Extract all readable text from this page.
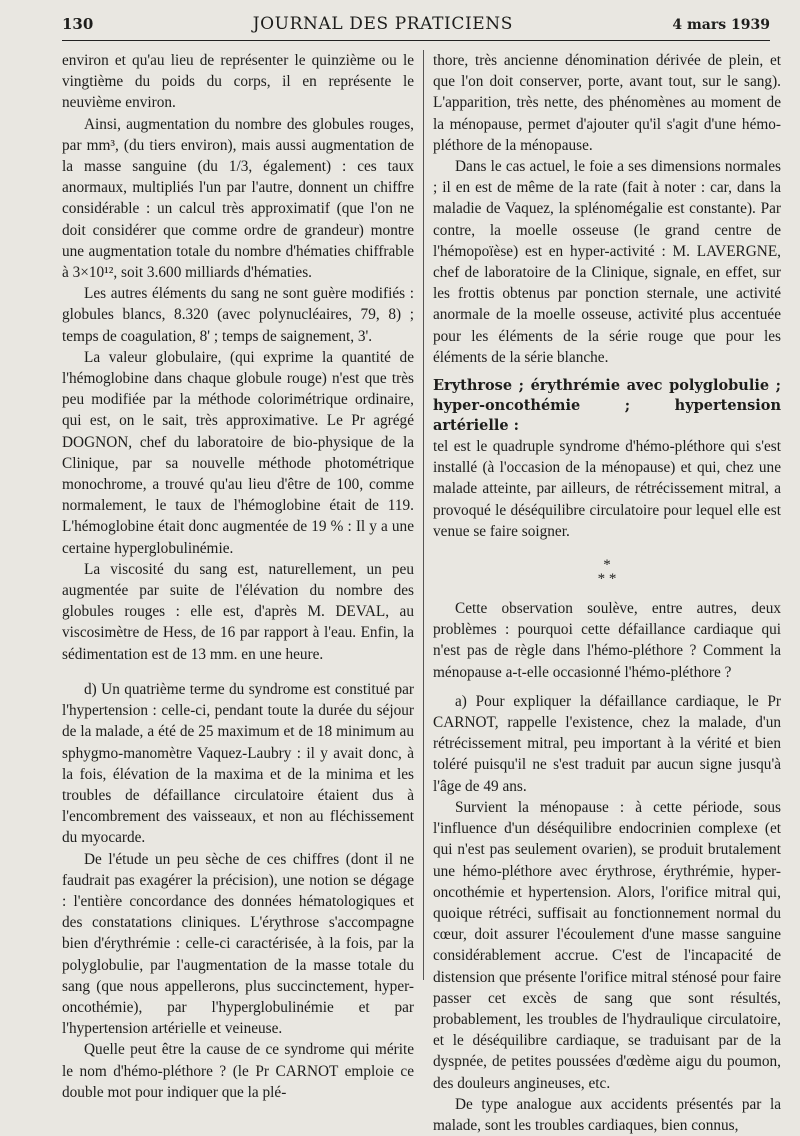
130	JOURNAL DES PRATICIENS	4 mars 1939

environ et qu'au lieu de représenter le quinzième ou le vingtième du poids du corps, il en représente le neuvième environ.

Ainsi, augmentation du nombre des globules rouges, par mm³, (du tiers environ), mais aussi augmentation de la masse sanguine (du 1/3, également) : ces taux anormaux, multipliés l'un par l'autre, donnent un chiffre considérable : un calcul très approximatif (que l'on ne doit considérer que comme ordre de grandeur) montre une augmentation totale du nombre d'hématies chiffrable à 3×10¹², soit 3.600 milliards d'hématies.

Les autres éléments du sang ne sont guère modifiés : globules blancs, 8.320 (avec polynucléaires, 79, 8) ; temps de coagulation, 8' ; temps de saignement, 3'.

La valeur globulaire, (qui exprime la quantité de l'hémoglobine dans chaque globule rouge) n'est que très peu modifiée par la méthode colorimétrique ordinaire, qui est, on le sait, très approximative. Le Pr agrégé DOGNON, chef du laboratoire de bio-physique de la Clinique, par sa nouvelle méthode photométrique monochrome, a trouvé qu'au lieu d'être de 100, comme normalement, le taux de l'hémoglobine était de 119. L'hémoglobine était donc augmentée de 19 % : Il y a une certaine hyperglobulinémie.

La viscosité du sang est, naturellement, un peu augmentée par suite de l'élévation du nombre des globules rouges : elle est, d'après M. DEVAL, au viscosimètre de Hess, de 16 par rapport à l'eau. Enfin, la sédimentation est de 13 mm. en une heure.

d) Un quatrième terme du syndrome est constitué par l'hypertension : celle-ci, pendant toute la durée du séjour de la malade, a été de 25 maximum et de 18 minimum au sphygmo-manomètre Vaquez-Laubry : il y avait donc, à la fois, élévation de la maxima et de la minima et les troubles de défaillance circulatoire étaient dus à l'encombrement des vaisseaux, et non au fléchissement du myocarde.

De l'étude un peu sèche de ces chiffres (dont il ne faudrait pas exagérer la précision), une notion se dégage : l'entière concordance des données hématologiques et des constatations cliniques. L'érythrose s'accompagne bien d'érythrémie : celle-ci caractérisée, à la fois, par la polyglobulie, par l'augmentation de la masse totale du sang (que nous appellerons, plus succinctement, hyper-oncothémie), par l'hyperglobulinémie et par l'hypertension artérielle et veineuse.

Quelle peut être la cause de ce syndrome qui mérite le nom d'hémo-pléthore ? (le Pr CARNOT emploie ce double mot pour indiquer que la plé-

thore, très ancienne dénomination dérivée de plein, et que l'on doit conserver, porte, avant tout, sur le sang). L'apparition, très nette, des phénomènes au moment de la ménopause, permet d'ajouter qu'il s'agit d'une hémo-pléthore de la ménopause.

Dans le cas actuel, le foie a ses dimensions normales ; il en est de même de la rate (fait à noter : car, dans la maladie de Vaquez, la splénomégalie est constante). Par contre, la moelle osseuse (le grand centre de l'hémopoïèse) est en hyper-activité : M. LAVERGNE, chef de laboratoire de la Clinique, signale, en effet, sur les frottis obtenus par ponction sternale, une activité anormale de la moelle osseuse, activité plus accentuée pour les éléments de la série rouge que pour les éléments de la série blanche.

Erythrose ; érythrémie avec polyglobulie ; hyper-oncothémie ; hypertension artérielle :

tel est le quadruple syndrome d'hémo-pléthore qui s'est installé (à l'occasion de la ménopause) et qui, chez une malade atteinte, par ailleurs, de rétrécissement mitral, a provoqué le déséquilibre circulatoire pour lequel elle est venue se faire soigner.

*
* *

Cette observation soulève, entre autres, deux problèmes : pourquoi cette défaillance cardiaque qui n'est pas de règle dans l'hémo-pléthore ? Comment la ménopause a-t-elle occasionné l'hémo-pléthore ?

a) Pour expliquer la défaillance cardiaque, le Pr CARNOT, rappelle l'existence, chez la malade, d'un rétrécissement mitral, peu important à la vérité et bien toléré puisqu'il ne s'est traduit par aucun signe jusqu'à l'âge de 49 ans.

Survient la ménopause : à cette période, sous l'influence d'un déséquilibre endocrinien complexe (et qui n'est pas seulement ovarien), se produit brutalement une hémo-pléthore avec érythrose, érythrémie, hyper-oncothémie et hypertension. Alors, l'orifice mitral qui, quoique rétréci, suffisait au fonctionnement normal du cœur, doit assurer l'écoulement d'une masse sanguine considérablement accrue. C'est de l'incapacité de distension que présente l'orifice mitral sténosé pour faire passer cet excès de sang que sont résultés, probablement, les troubles de l'hydraulique circulatoire, et le déséquilibre cardiaque, se traduisant par de la dyspnée, de petites poussées d'œdème aigu du poumon, des douleurs angineuses, etc.

De type analogue aux accidents présentés par la malade, sont les troubles cardiaques, bien connus,
